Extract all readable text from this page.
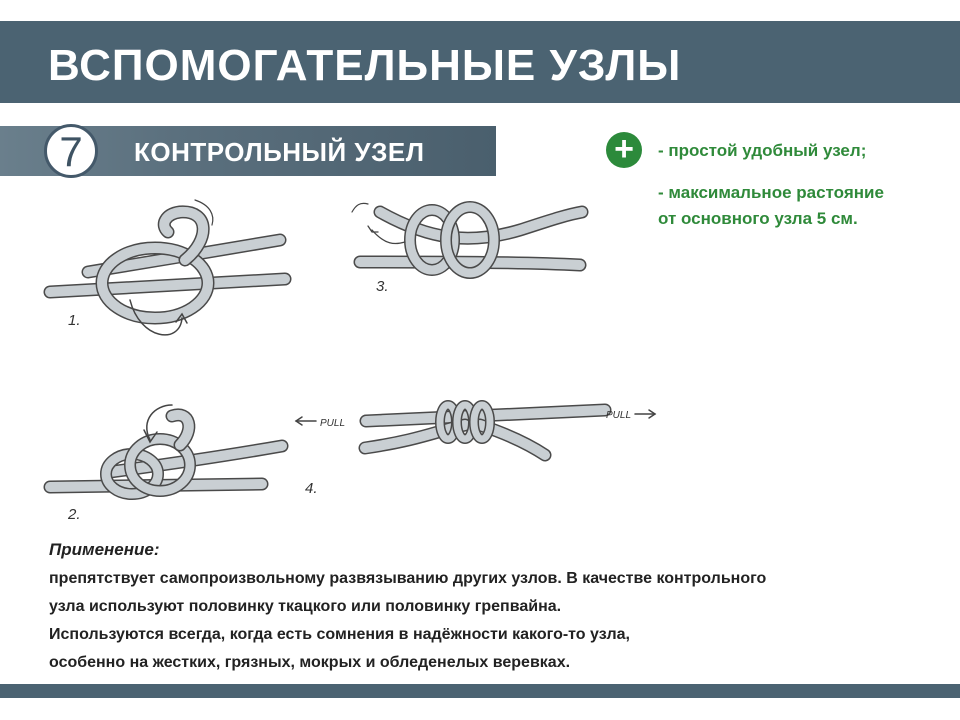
ВСПОМОГАТЕЛЬНЫЕ УЗЛЫ
7	КОНТРОЛЬНЫЙ УЗЕЛ	+	- простой удобный узел;
- максимальное растояние
от основного узла 5 см.
PULL
PULL
1.
2.
3.
4.
Применение:
препятствует самопроизвольному развязыванию других узлов. В качестве контрольного
узла используют половинку ткацкого или половинку грепвайна.
Используются всегда, когда есть сомнения в надёжности какого-то узла,
особенно на жестких, грязных, мокрых и обледенелых веревках.
